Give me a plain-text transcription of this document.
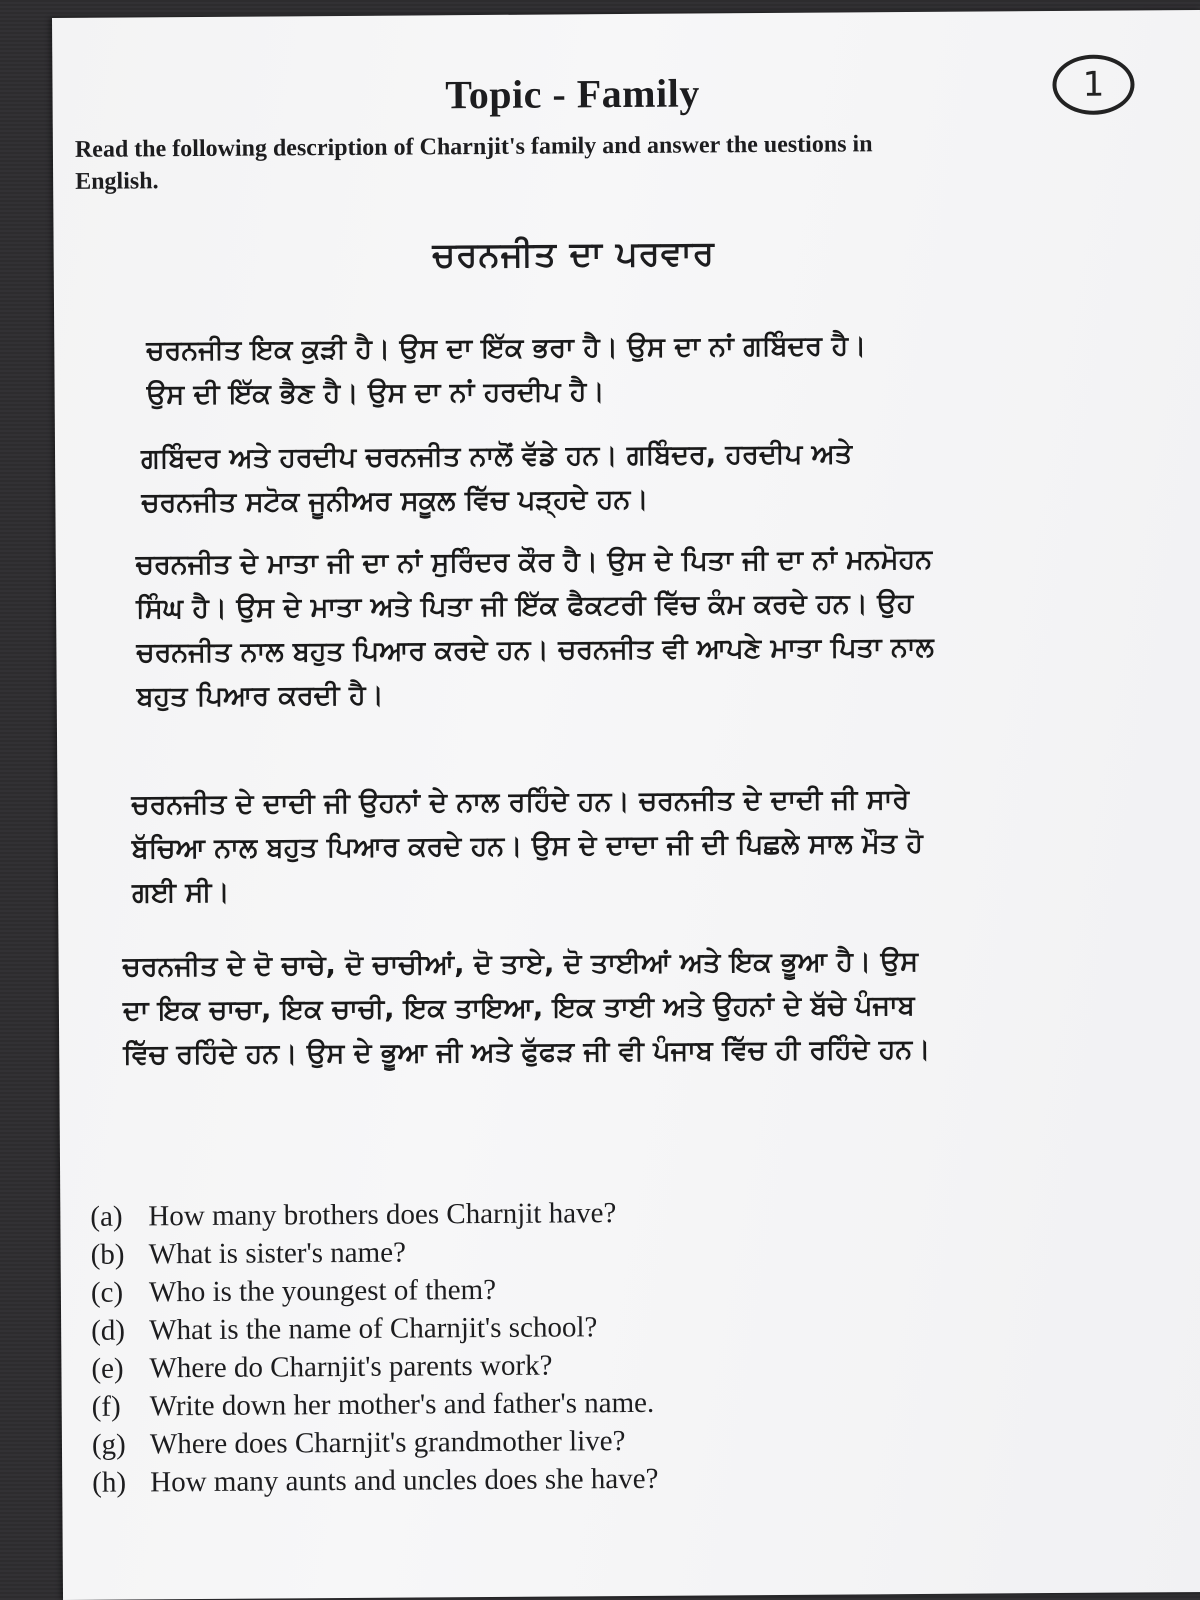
1
Topic - Family
Read the following description of Charnjit's family and answer the uestions in English.
ਚਰਨਜੀਤ ਦਾ ਪਰਵਾਰ
ਚਰਨਜੀਤ ਇਕ ਕੁੜੀ ਹੈ। ਉਸ ਦਾ ਇੱਕ ਭਰਾ ਹੈ। ਉਸ ਦਾ ਨਾਂ ਗਬਿੰਦਰ ਹੈ। ਉਸ ਦੀ ਇੱਕ ਭੈਣ ਹੈ। ਉਸ ਦਾ ਨਾਂ ਹਰਦੀਪ ਹੈ।
ਗਬਿੰਦਰ ਅਤੇ ਹਰਦੀਪ ਚਰਨਜੀਤ ਨਾਲੋਂ ਵੱਡੇ ਹਨ। ਗਬਿੰਦਰ, ਹਰਦੀਪ ਅਤੇ ਚਰਨਜੀਤ ਸਟੋਕ ਜੂਨੀਅਰ ਸਕੂਲ ਵਿੱਚ ਪੜ੍ਹਦੇ ਹਨ।
ਚਰਨਜੀਤ ਦੇ ਮਾਤਾ ਜੀ ਦਾ ਨਾਂ ਸੁਰਿੰਦਰ ਕੌਰ ਹੈ। ਉਸ ਦੇ ਪਿਤਾ ਜੀ ਦਾ ਨਾਂ ਮਨਮੋਹਨ ਸਿੰਘ ਹੈ। ਉਸ ਦੇ ਮਾਤਾ ਅਤੇ ਪਿਤਾ ਜੀ ਇੱਕ ਫੈਕਟਰੀ ਵਿੱਚ ਕੰਮ ਕਰਦੇ ਹਨ। ਉਹ ਚਰਨਜੀਤ ਨਾਲ ਬਹੁਤ ਪਿਆਰ ਕਰਦੇ ਹਨ। ਚਰਨਜੀਤ ਵੀ ਆਪਣੇ ਮਾਤਾ ਪਿਤਾ ਨਾਲ ਬਹੁਤ ਪਿਆਰ ਕਰਦੀ ਹੈ।
ਚਰਨਜੀਤ ਦੇ ਦਾਦੀ ਜੀ ਉਹਨਾਂ ਦੇ ਨਾਲ ਰਹਿੰਦੇ ਹਨ। ਚਰਨਜੀਤ ਦੇ ਦਾਦੀ ਜੀ ਸਾਰੇ ਬੱਚਿਆ ਨਾਲ ਬਹੁਤ ਪਿਆਰ ਕਰਦੇ ਹਨ। ਉਸ ਦੇ ਦਾਦਾ ਜੀ ਦੀ ਪਿਛਲੇ ਸਾਲ ਮੌਤ ਹੋ ਗਈ ਸੀ।
ਚਰਨਜੀਤ ਦੇ ਦੋ ਚਾਚੇ, ਦੋ ਚਾਚੀਆਂ, ਦੋ ਤਾਏ, ਦੋ ਤਾਈਆਂ ਅਤੇ ਇਕ ਭੂਆ ਹੈ। ਉਸ ਦਾ ਇਕ ਚਾਚਾ, ਇਕ ਚਾਚੀ, ਇਕ ਤਾਇਆ, ਇਕ ਤਾਈ ਅਤੇ ਉਹਨਾਂ ਦੇ ਬੱਚੇ ਪੰਜਾਬ ਵਿੱਚ ਰਹਿੰਦੇ ਹਨ। ਉਸ ਦੇ ਭੂਆ ਜੀ ਅਤੇ ਫੁੱਫੜ ਜੀ ਵੀ ਪੰਜਾਬ ਵਿੱਚ ਹੀ ਰਹਿੰਦੇ ਹਨ।
(a) How many brothers does Charnjit have?
(b) What is sister's name?
(c) Who is the youngest of them?
(d) What is the name of Charnjit's school?
(e) Where do Charnjit's parents work?
(f) Write down her mother's and father's name.
(g) Where does Charnjit's grandmother live?
(h) How many aunts and uncles does she have?
